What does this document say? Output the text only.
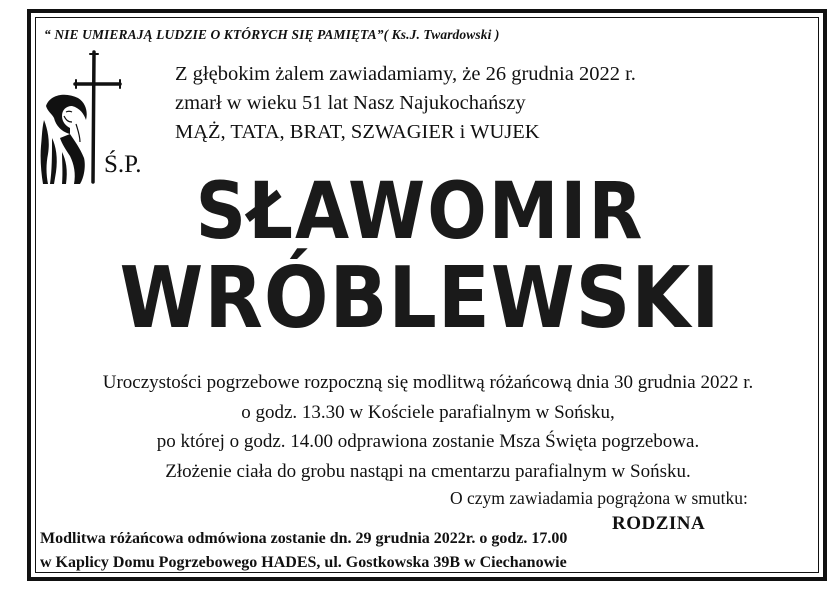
“ NIE UMIERAJĄ LUDZIE O KTÓRYCH SIĘ PAMIĘTA”( Ks.J. Twardowski )
Ś.P.
Z głębokim żalem zawiadamiamy, że 26 grudnia 2022 r.
zmarł w wieku 51 lat Nasz Najukochańszy
MĄŻ, TATA, BRAT, SZWAGIER i WUJEK
SŁAWOMIR
WRÓBLEWSKI
Uroczystości pogrzebowe rozpoczną się modlitwą różańcową dnia 30 grudnia 2022 r.
o godz. 13.30 w Kościele parafialnym w Sońsku,
po której o godz. 14.00 odprawiona zostanie Msza Święta pogrzebowa.
Złożenie ciała do grobu nastąpi na cmentarzu parafialnym w Sońsku.
O czym zawiadamia pogrążona w smutku:
RODZINA
Modlitwa różańcowa odmówiona zostanie dn. 29 grudnia 2022r. o godz. 17.00
w Kaplicy Domu Pogrzebowego HADES, ul. Gostkowska 39B w Ciechanowie
